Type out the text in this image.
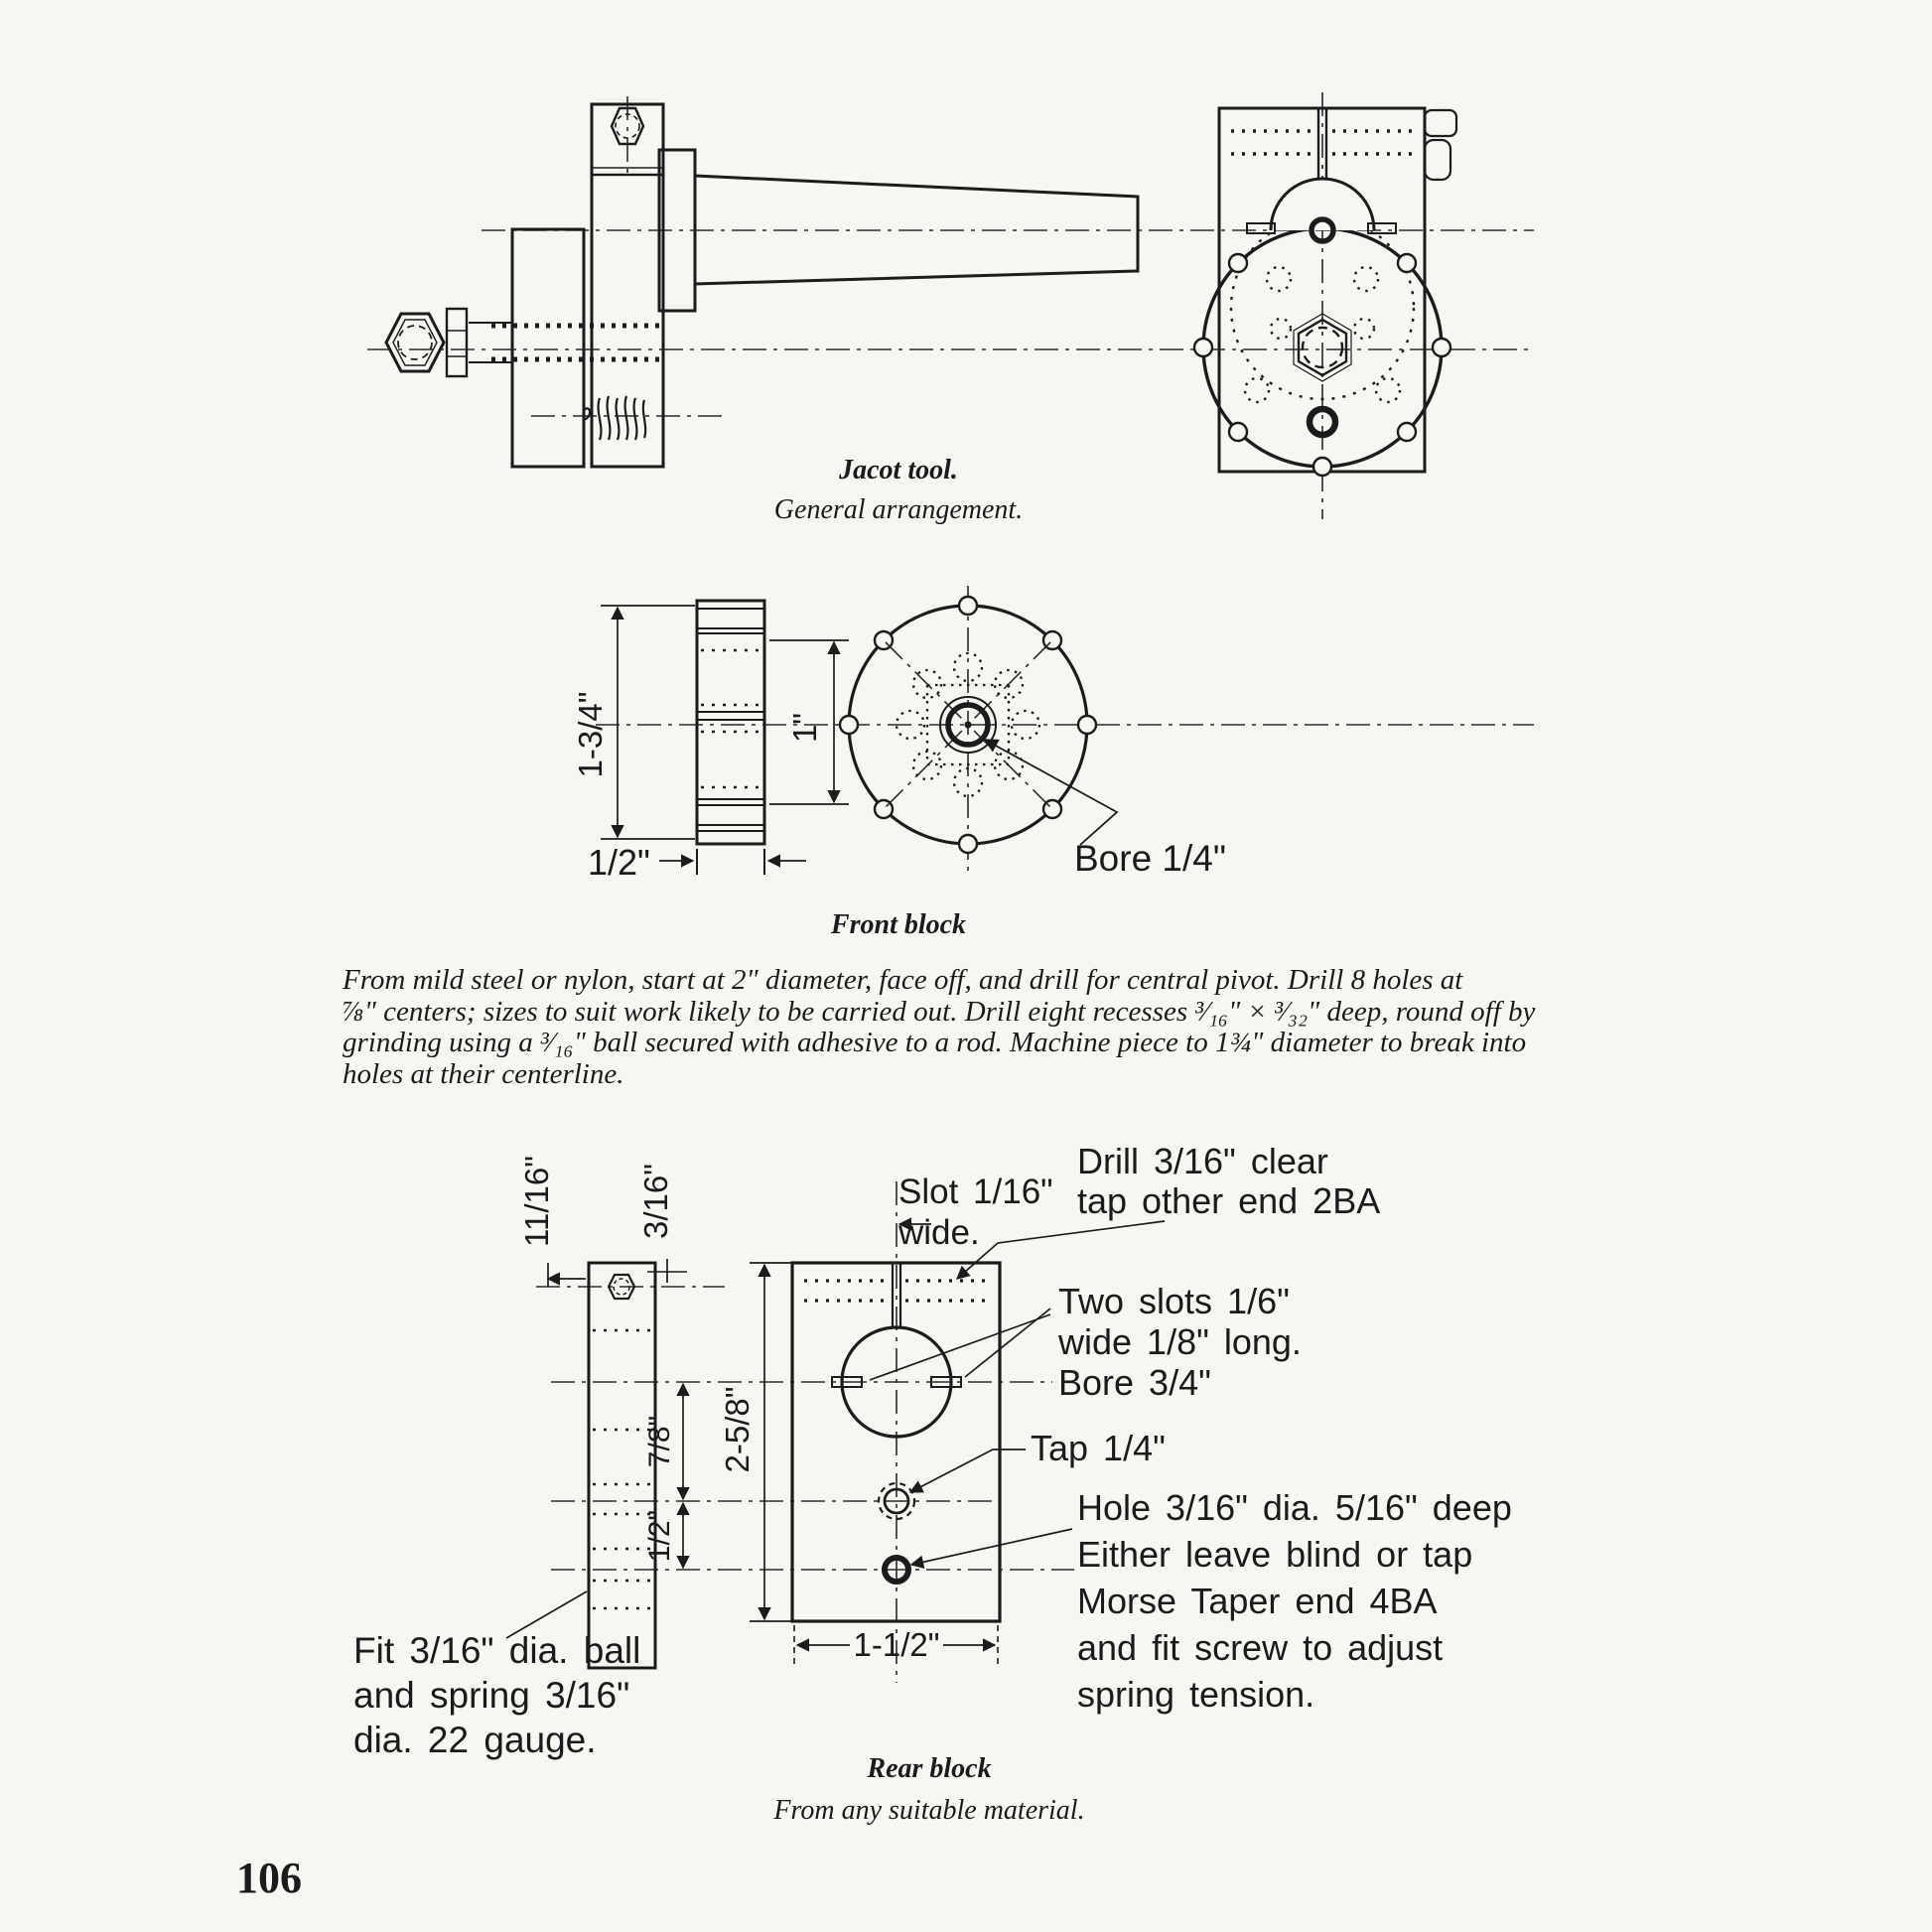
Jacot tool.
General arrangement.
1-3/4"	1"
1/2"	Bore 1/4"
Front block
From mild steel or nylon, start at 2" diameter, face off, and drill for central pivot. Drill 8 holes at
⅞" centers; sizes to suit work likely to be carried out. Drill eight recesses ³⁄₁₆" × ³⁄₃₂" deep, round off by
grinding using a ³⁄₁₆" ball secured with adhesive to a rod. Machine piece to 1¾" diameter to break into
holes at their centerline.
11/16"	3/16"
2-5/8"
7/8"
1/2"
1-1/2"
Slot 1/16"
wide.
Drill 3/16" clear
tap other end 2BA
Two slots 1/6"
wide 1/8" long.
Bore 3/4"
Tap 1/4"
Hole 3/16" dia. 5/16" deep
Either leave blind or tap
Morse Taper end 4BA
and fit screw to adjust
spring tension.
Fit 3/16" dia. ball
and spring 3/16"
dia. 22 gauge.
Rear block
From any suitable material.
106
